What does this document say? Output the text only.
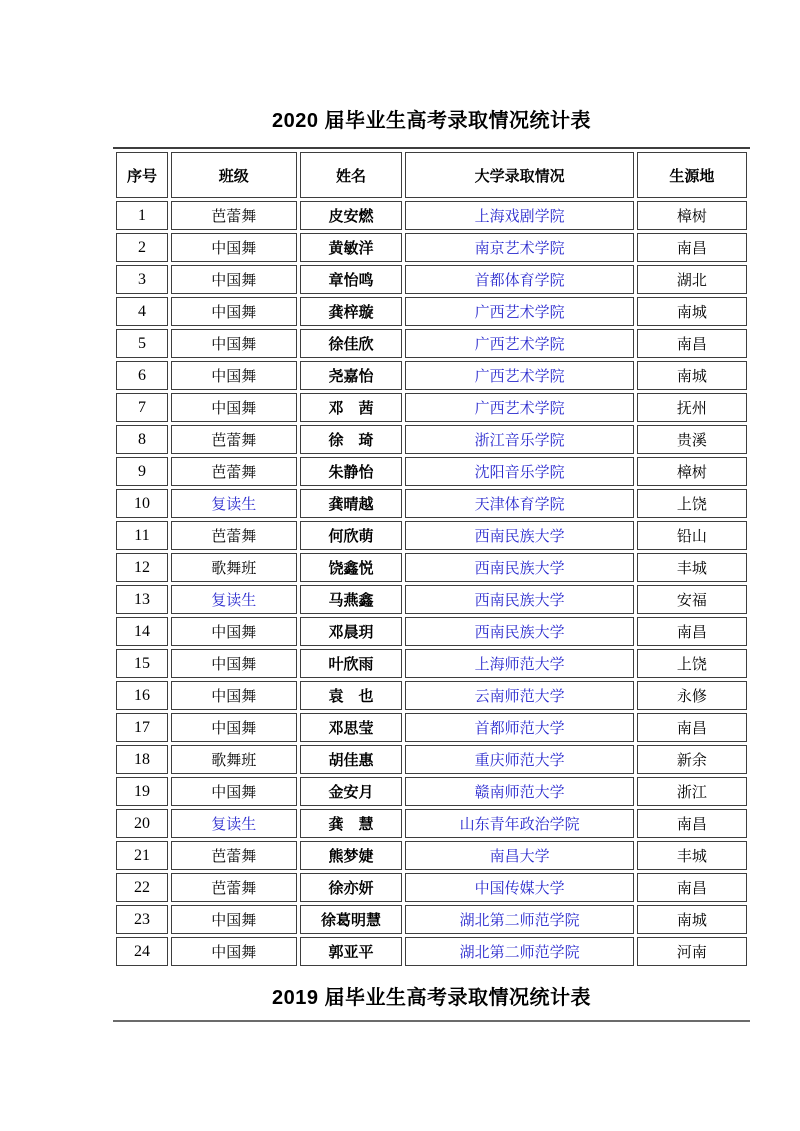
2020 届毕业生高考录取情况统计表
序号	班级	姓名	大学录取情况	生源地
1	芭蕾舞	皮安燃	上海戏剧学院	樟树
2	中国舞	黄敏洋	南京艺术学院	南昌
3	中国舞	章怡鸣	首都体育学院	湖北
4	中国舞	龚梓璇	广西艺术学院	南城
5	中国舞	徐佳欣	广西艺术学院	南昌
6	中国舞	尧嘉怡	广西艺术学院	南城
7	中国舞	邓　茜	广西艺术学院	抚州
8	芭蕾舞	徐　琦	浙江音乐学院	贵溪
9	芭蕾舞	朱静怡	沈阳音乐学院	樟树
10	复读生	龚晴越	天津体育学院	上饶
11	芭蕾舞	何欣萌	西南民族大学	铅山
12	歌舞班	饶鑫悦	西南民族大学	丰城
13	复读生	马燕鑫	西南民族大学	安福
14	中国舞	邓晨玥	西南民族大学	南昌
15	中国舞	叶欣雨	上海师范大学	上饶
16	中国舞	袁　也	云南师范大学	永修
17	中国舞	邓思莹	首都师范大学	南昌
18	歌舞班	胡佳惠	重庆师范大学	新余
19	中国舞	金安月	赣南师范大学	浙江
20	复读生	龚　慧	山东青年政治学院	南昌
21	芭蕾舞	熊梦婕	南昌大学	丰城
22	芭蕾舞	徐亦妍	中国传媒大学	南昌
23	中国舞	徐葛明慧	湖北第二师范学院	南城
24	中国舞	郭亚平	湖北第二师范学院	河南
2019 届毕业生高考录取情况统计表
